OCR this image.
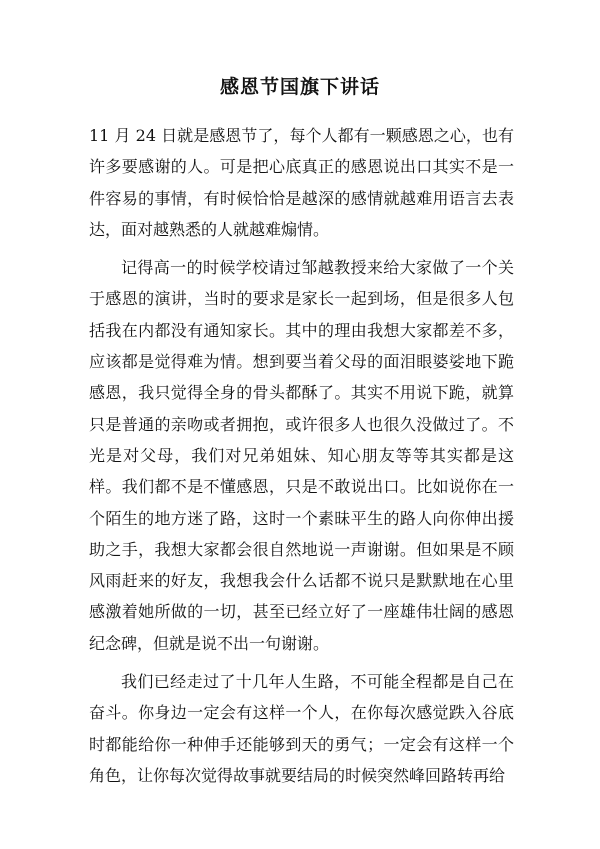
感恩节国旗下讲话

11 月 24 日就是感恩节了，每个人都有一颗感恩之心，也有许多要感谢的人。可是把心底真正的感恩说出口其实不是一件容易的事情，有时候恰恰是越深的感情就越难用语言去表达，面对越熟悉的人就越难煽情。

记得高一的时候学校请过邹越教授来给大家做了一个关于感恩的演讲，当时的要求是家长一起到场，但是很多人包括我在内都没有通知家长。其中的理由我想大家都差不多，应该都是觉得难为情。想到要当着父母的面泪眼婆娑地下跪感恩，我只觉得全身的骨头都酥了。其实不用说下跪，就算只是普通的亲吻或者拥抱，或许很多人也很久没做过了。不光是对父母，我们对兄弟姐妹、知心朋友等等其实都是这样。我们都不是不懂感恩，只是不敢说出口。比如说你在一个陌生的地方迷了路，这时一个素昧平生的路人向你伸出援助之手，我想大家都会很自然地说一声谢谢。但如果是不顾风雨赶来的好友，我想我会什么话都不说只是默默地在心里感激着她所做的一切，甚至已经立好了一座雄伟壮阔的感恩纪念碑，但就是说不出一句谢谢。

我们已经走过了十几年人生路，不可能全程都是自己在奋斗。你身边一定会有这样一个人，在你每次感觉跌入谷底时都能给你一种伸手还能够到天的勇气；一定会有这样一个角色，让你每次觉得故事就要结局的时候突然峰回路转再给
